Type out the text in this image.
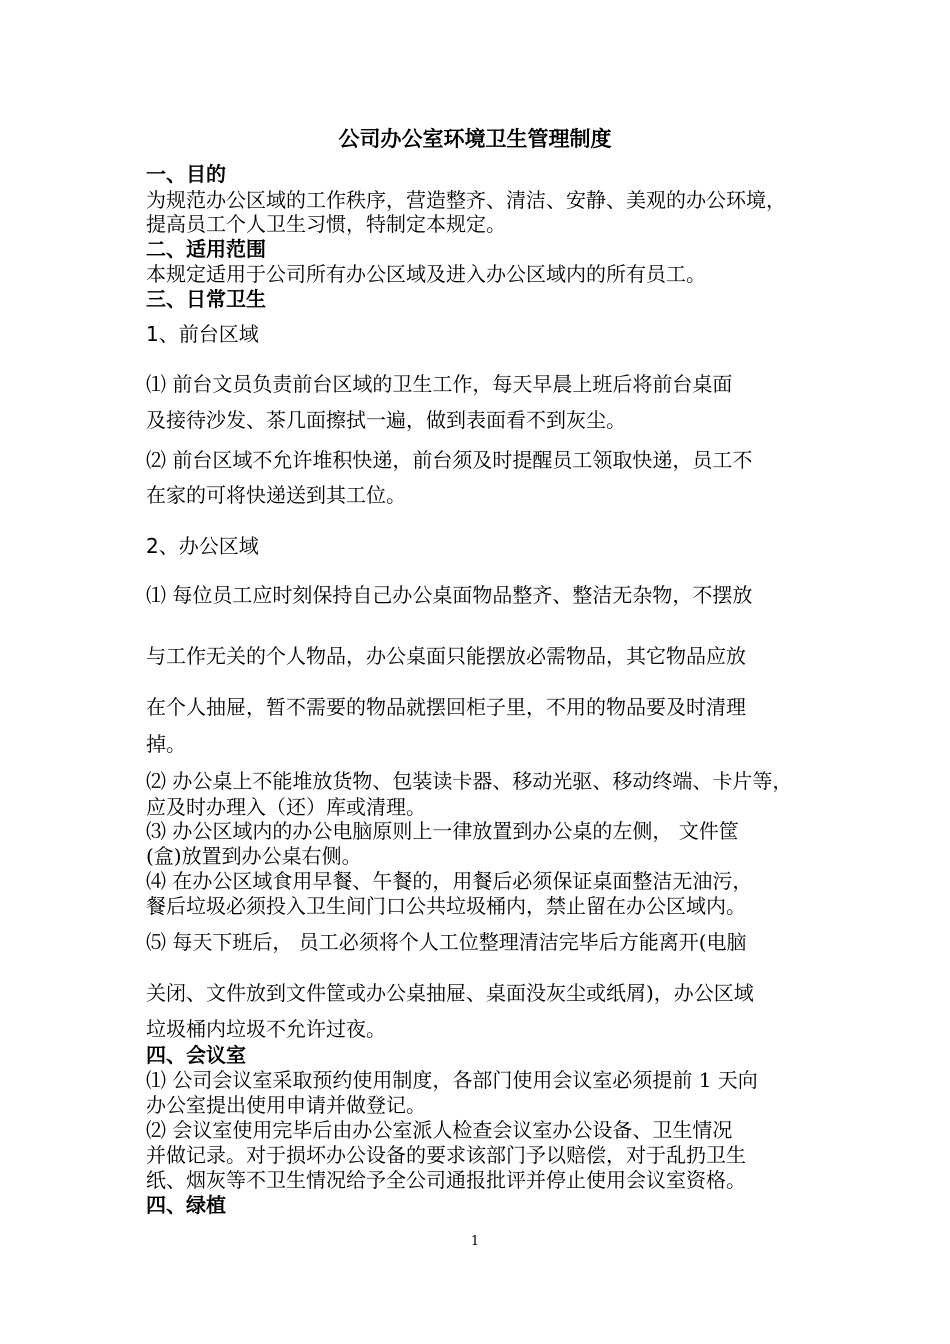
公司办公室环境卫生管理制度

一、目的

为规范办公区域的工作秩序，营造整齐、清洁、安静、美观的办公环境，

提高员工个人卫生习惯，特制定本规定。

二、适用范围

本规定适用于公司所有办公区域及进入办公区域内的所有员工。

三、日常卫生

1、前台区域

⑴ 前台文员负责前台区域的卫生工作，每天早晨上班后将前台桌面

及接待沙发、茶几面擦拭一遍，做到表面看不到灰尘。

⑵ 前台区域不允许堆积快递，前台须及时提醒员工领取快递，员工不

在家的可将快递送到其工位。

2、办公区域

⑴ 每位员工应时刻保持自己办公桌面物品整齐、整洁无杂物，不摆放

与工作无关的个人物品，办公桌面只能摆放必需物品，其它物品应放

在个人抽屉，暂不需要的物品就摆回柜子里，不用的物品要及时清理

掉。

⑵ 办公桌上不能堆放货物、包装读卡器、移动光驱、移动终端、卡片等，

应及时办理入（还）库或清理。

⑶ 办公区域内的办公电脑原则上一律放置到办公桌的左侧， 文件筐

(盒)放置到办公桌右侧。

⑷ 在办公区域食用早餐、午餐的，用餐后必须保证桌面整洁无油污，

餐后垃圾必须投入卫生间门口公共垃圾桶内，禁止留在办公区域内。

⑸ 每天下班后， 员工必须将个人工位整理清洁完毕后方能离开(电脑

关闭、文件放到文件筐或办公桌抽屉、桌面没灰尘或纸屑)，办公区域

垃圾桶内垃圾不允许过夜。

四、会议室

⑴ 公司会议室采取预约使用制度，各部门使用会议室必须提前 1 天向

办公室提出使用申请并做登记。

⑵ 会议室使用完毕后由办公室派人检查会议室办公设备、卫生情况

并做记录。对于损坏办公设备的要求该部门予以赔偿，对于乱扔卫生

纸、烟灰等不卫生情况给予全公司通报批评并停止使用会议室资格。

四、绿植

1
